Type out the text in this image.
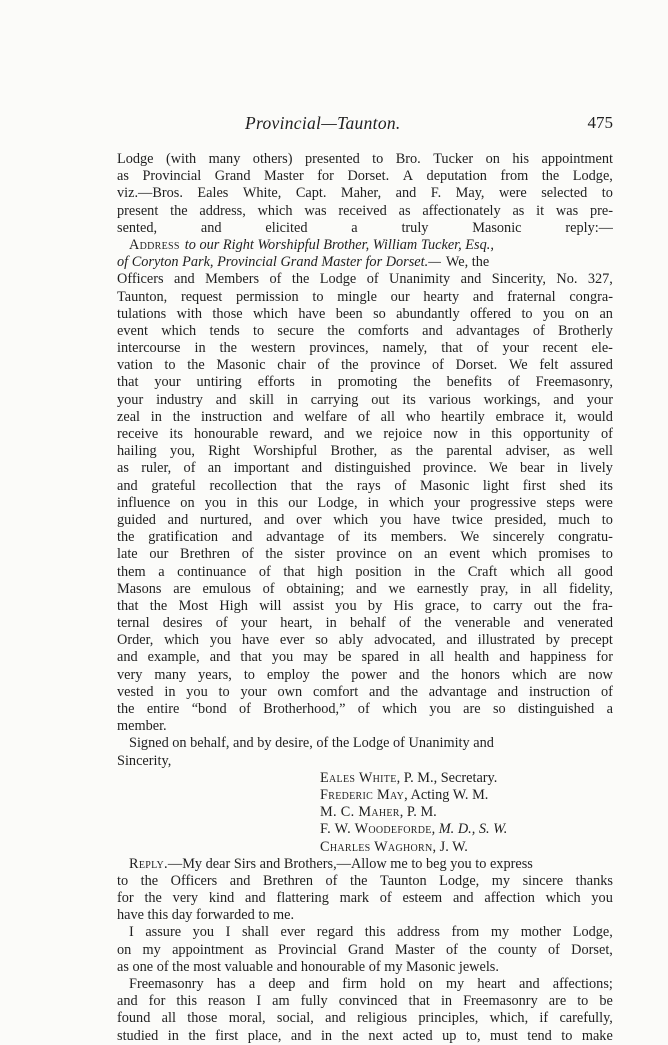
Provincial—Taunton.	475
Lodge (with many others) presented to Bro. Tucker on his appointment
as Provincial Grand Master for Dorset. A deputation from the Lodge,
viz.—Bros. Eales White, Capt. Maher, and F. May, were selected to
present the address, which was received as affectionately as it was pre-
sented,	and	elicited	a	truly	Masonic	reply:—
Address to our Right Worshipful Brother, William Tucker, Esq.,
of Coryton Park, Provincial Grand Master for Dorset.— We, the
Officers and Members of the Lodge of Unanimity and Sincerity, No. 327,
Taunton, request permission to mingle our hearty and fraternal congra-
tulations with those which have been so abundantly offered to you on an
event which tends to secure the comforts and advantages of Brotherly
intercourse in the western provinces, namely, that of your recent ele-
vation to the Masonic chair of the province of Dorset. We felt assured
that your untiring efforts in promoting the benefits of Freemasonry,
your industry and skill in carrying out its various workings, and your
zeal in the instruction and welfare of all who heartily embrace it, would
receive its honourable reward, and we rejoice now in this opportunity of
hailing you, Right Worshipful Brother, as the parental adviser, as well
as ruler, of an important and distinguished province. We bear in lively
and grateful recollection that the rays of Masonic light first shed its
influence on you in this our Lodge, in which your progressive steps were
guided and nurtured, and over which you have twice presided, much to
the gratification and advantage of its members. We sincerely congratu-
late our Brethren of the sister province on an event which promises to
them a continuance of that high position in the Craft which all good
Masons are emulous of obtaining; and we earnestly pray, in all fidelity,
that the Most High will assist you by His grace, to carry out the fra-
ternal desires of your heart, in behalf of the venerable and venerated
Order, which you have ever so ably advocated, and illustrated by precept
and example, and that you may be spared in all health and happiness for
very many years, to employ the power and the honors which are now
vested in you to your own comfort and the advantage and instruction of
the entire “bond of Brotherhood,” of which you are so distinguished a
member.
Signed on behalf, and by desire, of the Lodge of Unanimity and
Sincerity,
Eales White, P. M., Secretary.
Frederic May, Acting W. M.
M. C. Maher, P. M.
F. W. Woodeforde, M. D., S. W.
Charles Waghorn, J. W.
Reply. —My dear Sirs and Brothers,—Allow me to beg you to express
to the Officers and Brethren of the Taunton Lodge, my sincere thanks
for the very kind and flattering mark of esteem and affection which you
have this day forwarded to me.
I assure you I shall ever regard this address from my mother Lodge,
on my appointment as Provincial Grand Master of the county of Dorset,
as one of the most valuable and honourable of my Masonic jewels.
Freemasonry has a deep and firm hold on my heart and affections;
and for this reason I am fully convinced that in Freemasonry are to be
found all those moral, social, and religious principles, which, if carefully,
studied in the first place, and in the next acted up to, must tend to make
